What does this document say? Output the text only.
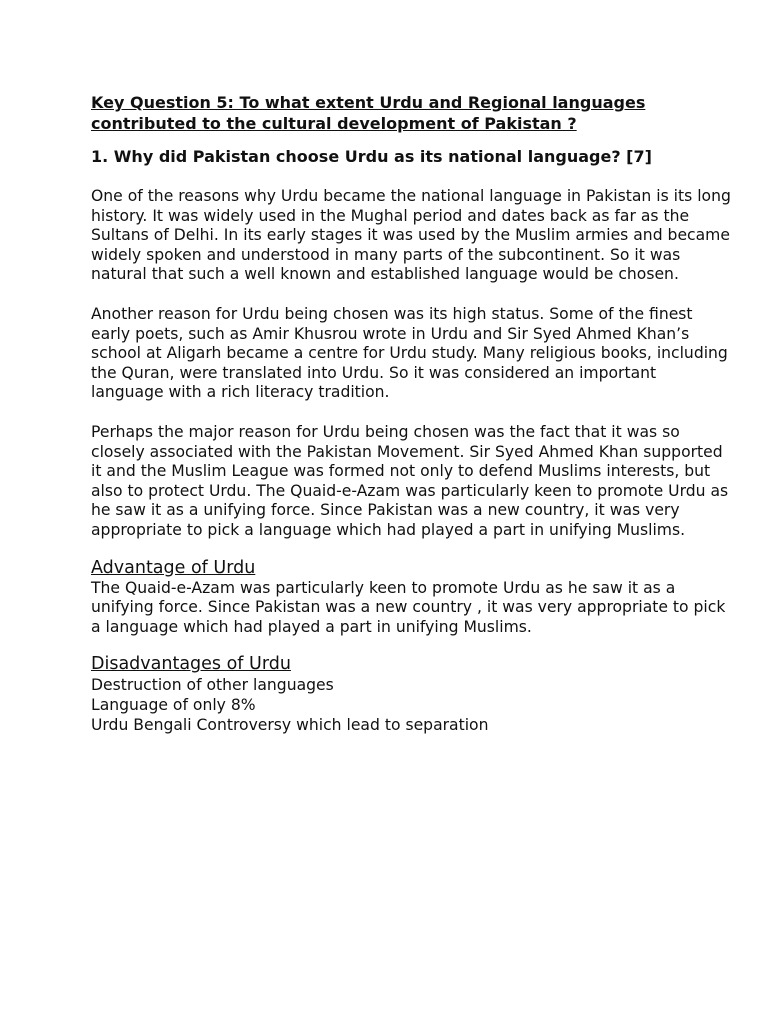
Key Question 5: To what extent Urdu and Regional languages contributed to the cultural development of Pakistan ?

1. Why did Pakistan choose Urdu as its national language? [7]

One of the reasons why Urdu became the national language in Pakistan is its long history. It was widely used in the Mughal period and dates back as far as the Sultans of Delhi. In its early stages it was used by the Muslim armies and became widely spoken and understood in many parts of the subcontinent. So it was natural that such a well known and established language would be chosen.

Another reason for Urdu being chosen was its high status. Some of the finest early poets, such as Amir Khusrou wrote in Urdu and Sir Syed Ahmed Khan’s school at Aligarh became a centre for Urdu study. Many religious books, including the Quran, were translated into Urdu. So it was considered an important language with a rich literacy tradition.

Perhaps the major reason for Urdu being chosen was the fact that it was so closely associated with the Pakistan Movement. Sir Syed Ahmed Khan supported it and the Muslim League was formed not only to defend Muslims interests, but also to protect Urdu. The Quaid-e-Azam was particularly keen to promote Urdu as he saw it as a unifying force. Since Pakistan was a new country, it was very appropriate to pick a language which had played a part in unifying Muslims.

Advantage of Urdu

The Quaid-e-Azam was particularly keen to promote Urdu as he saw it as a unifying force. Since Pakistan was a new country , it was very appropriate to pick a language which had played a part in unifying Muslims.

Disadvantages of Urdu
Destruction of other languages
Language of only 8%
Urdu Bengali Controversy which lead to separation
